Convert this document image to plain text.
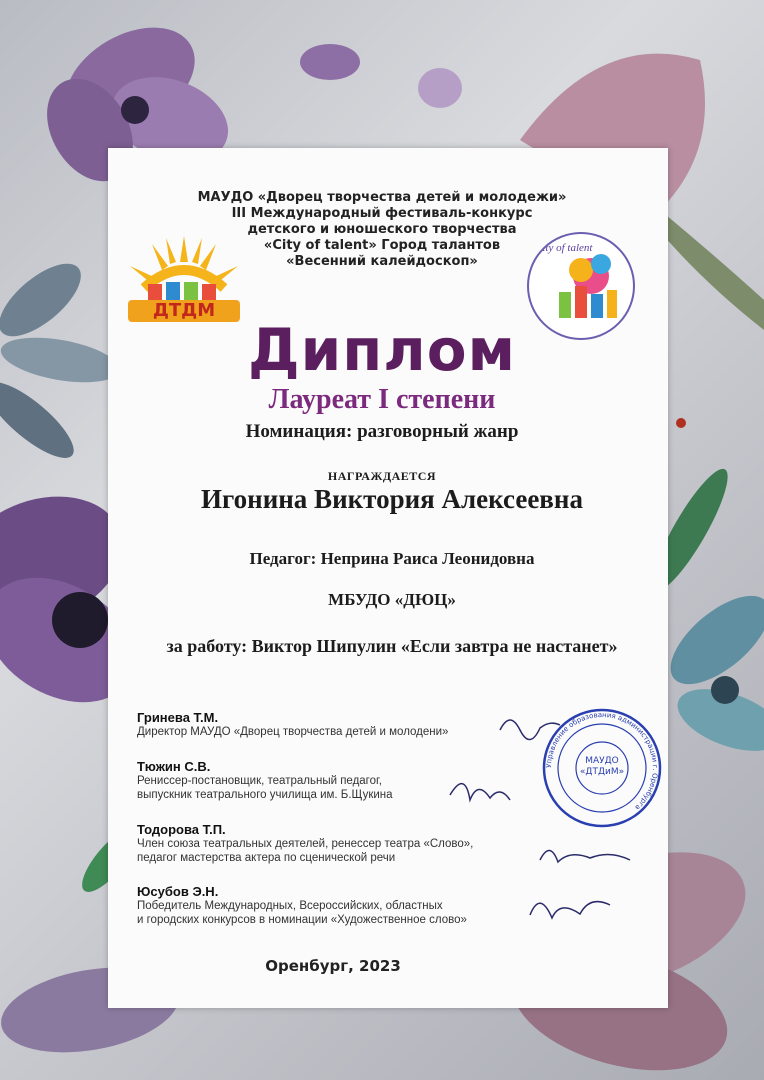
МАУДО «Дворец творчества детей и молодежи»
III Международный фестиваль-конкурс
детского и юношеского творчества
«City of talent» Город талантов
«Весенний калейдоскоп»
ДТДМ
City of talent
Диплом
Лауреат I степени
Номинация: разговорный жанр
НАГРАЖДАЕТСЯ
Игонина Виктория Алексеевна
Педагог: Неприна Раиса Леонидовна
МБУДО «ДЮЦ»
за работу: Виктор Шипулин «Если завтра не настанет»
Гринева Т.М.
Директор МАУДО «Дворец творчества детей и молодени»
Тюжин С.В.
Рениссер-постановщик, театральный педагог,
выпускник театрального училища им. Б.Щукина
Тодорова Т.П.
Член союза театральных деятелей, ренессер театра «Слово»,
педагог мастерства актера по сценической речи
Юсубов Э.Н.
Победитель Международных, Всероссийских, областных
и городских конкурсов в номинации «Художественное слово»
Управление образования администрации г. Оренбурга
МАУДО
«ДТДиМ»
Оренбург, 2023
